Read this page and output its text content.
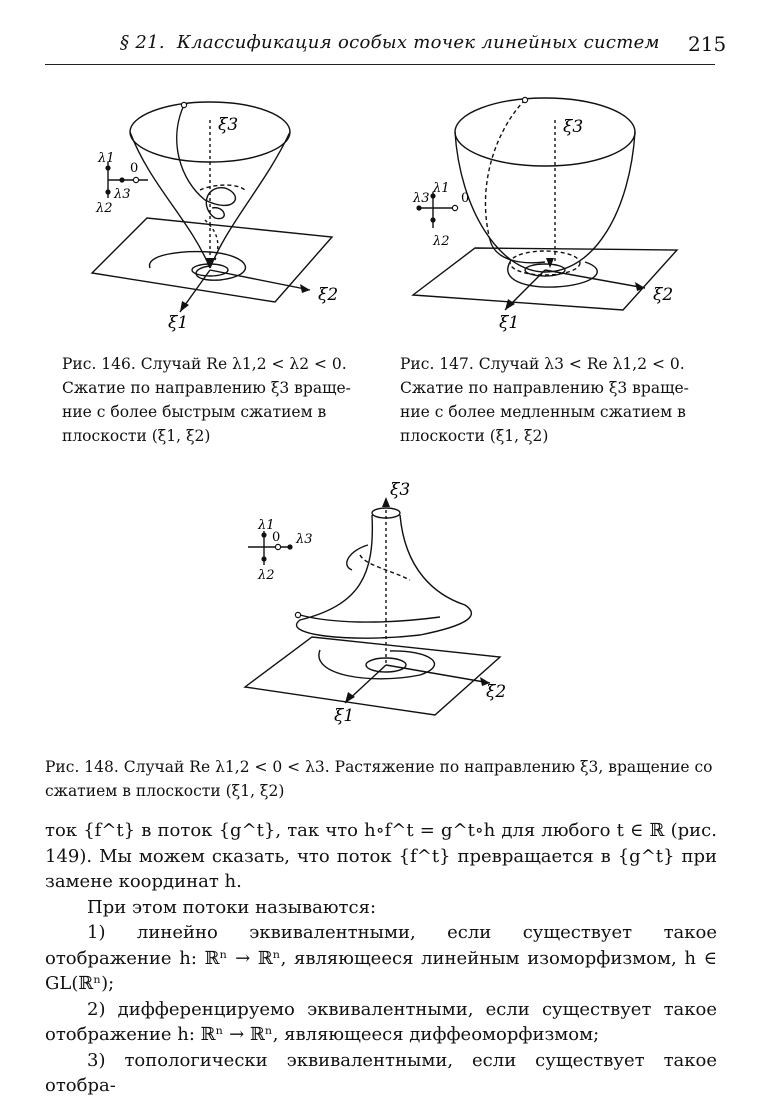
§ 21. Классификация особых точек линейных систем 215
ξ3
ξ2
ξ1
λ1
λ2
λ3
0
ξ3
ξ2
ξ1
λ1
λ2
λ3 0
Рис. 146. Случай Re λ1,2 < λ2 < 0. Сжатие по направлению ξ3 враще-ние с более быстрым сжатием в плоскости (ξ1, ξ2)
Рис. 147. Случай λ3 < Re λ1,2 < 0. Сжатие по направлению ξ3 враще-ние с более медленным сжатием в плоскости (ξ1, ξ2)
ξ3
ξ2
ξ1
λ1
λ2
λ3
0
Рис. 148. Случай Re λ1,2 < 0 < λ3. Растяжение по направлению ξ3, вращение со сжатием в плоскости (ξ1, ξ2)

ток {f^t} в поток {g^t}, так что h∘f^t = g^t∘h для любого t ∈ ℝ (рис. 149). Мы можем сказать, что поток {f^t} превращается в {g^t} при замене координат h.

При этом потоки называются:

1) линейно эквивалентными, если существует такое отображение h: ℝⁿ → ℝⁿ, являющееся линейным изоморфизмом, h ∈ GL(ℝⁿ);

2) дифференцируемо эквивалентными, если существует такое отображение h: ℝⁿ → ℝⁿ, являющееся диффеоморфизмом;

3) топологически эквивалентными, если существует такое отобра-
